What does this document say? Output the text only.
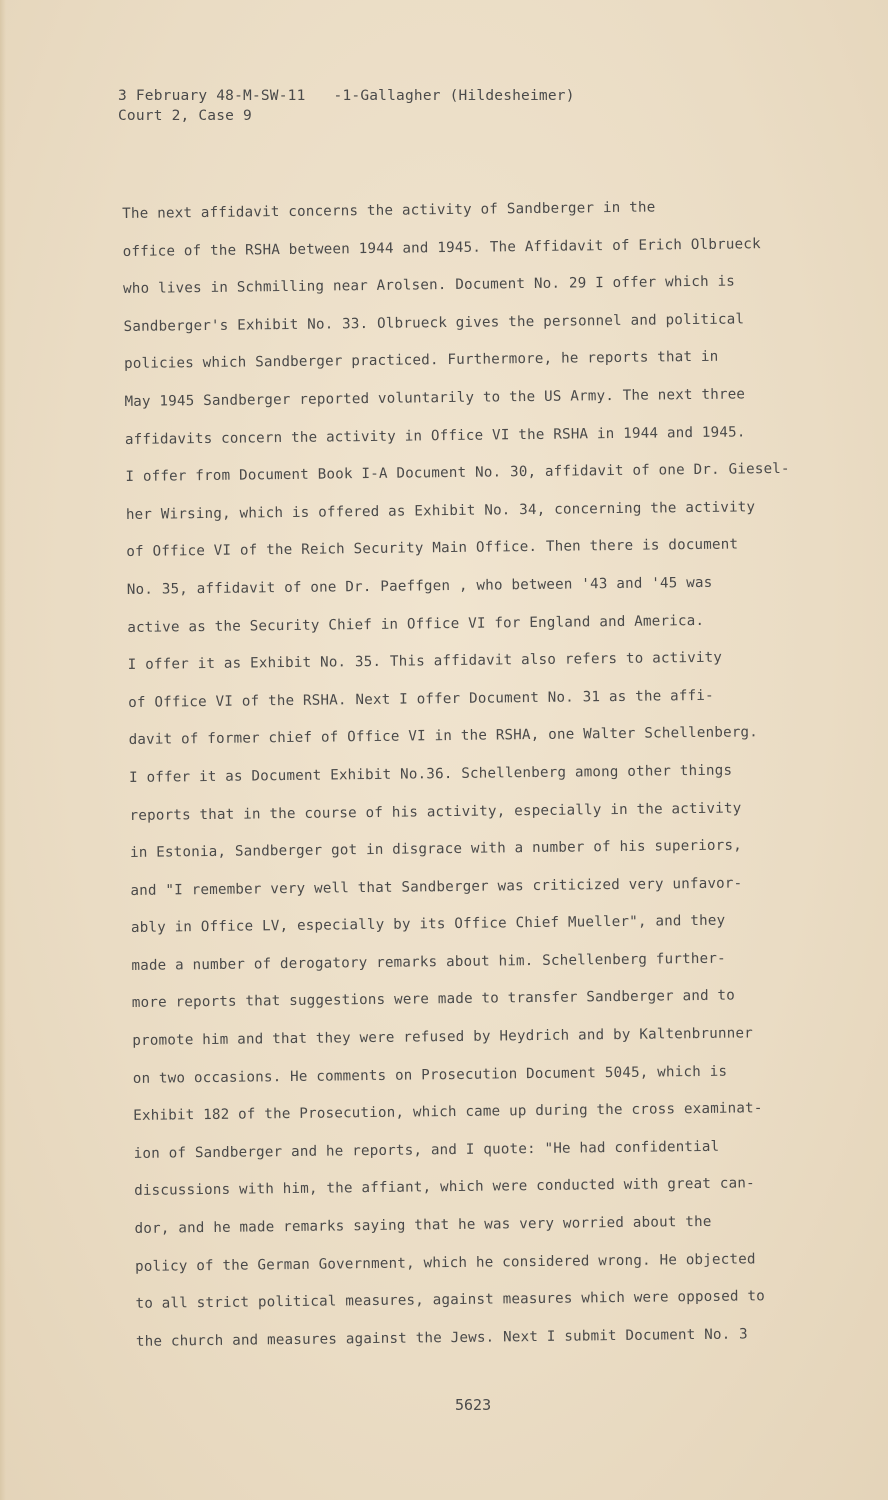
3 February 48-M-SW-11 -1-Gallagher (Hildesheimer)
Court 2, Case 9
The next affidavit concerns the activity of Sandberger in the
office of the RSHA between 1944 and 1945. The Affidavit of Erich Olbrueck
who lives in Schmilling near Arolsen. Document No. 29 I offer which is
Sandberger's Exhibit No. 33. Olbrueck gives the personnel and political
policies which Sandberger practiced. Furthermore, he reports that in
May 1945 Sandberger reported voluntarily to the US Army. The next three
affidavits concern the activity in Office VI the RSHA in 1944 and 1945.
I offer from Document Book I-A Document No. 30, affidavit of one Dr. Giesel-
her Wirsing, which is offered as Exhibit No. 34, concerning the activity
of Office VI of the Reich Security Main Office. Then there is document
No. 35, affidavit of one Dr. Paeffgen , who between '43 and '45 was
active as the Security Chief in Office VI for England and America.
I offer it as Exhibit No. 35. This affidavit also refers to activity
of Office VI of the RSHA. Next I offer Document No. 31 as the affi-
davit of former chief of Office VI in the RSHA, one Walter Schellenberg.
I offer it as Document Exhibit No.36. Schellenberg among other things
reports that in the course of his activity, especially in the activity
in Estonia, Sandberger got in disgrace with a number of his superiors,
and "I remember very well that Sandberger was criticized very unfavor-
ably in Office LV, especially by its Office Chief Mueller", and they
made a number of derogatory remarks about him. Schellenberg further-
more reports that suggestions were made to transfer Sandberger and to
promote him and that they were refused by Heydrich and by Kaltenbrunner
on two occasions. He comments on Prosecution Document 5045, which is
Exhibit 182 of the Prosecution, which came up during the cross examinat-
ion of Sandberger and he reports, and I quote: "He had confidential
discussions with him, the affiant, which were conducted with great can-
dor, and he made remarks saying that he was very worried about the
policy of the German Government, which he considered wrong. He objected
to all strict political measures, against measures which were opposed to
the church and measures against the Jews. Next I submit Document No. 3
5623
